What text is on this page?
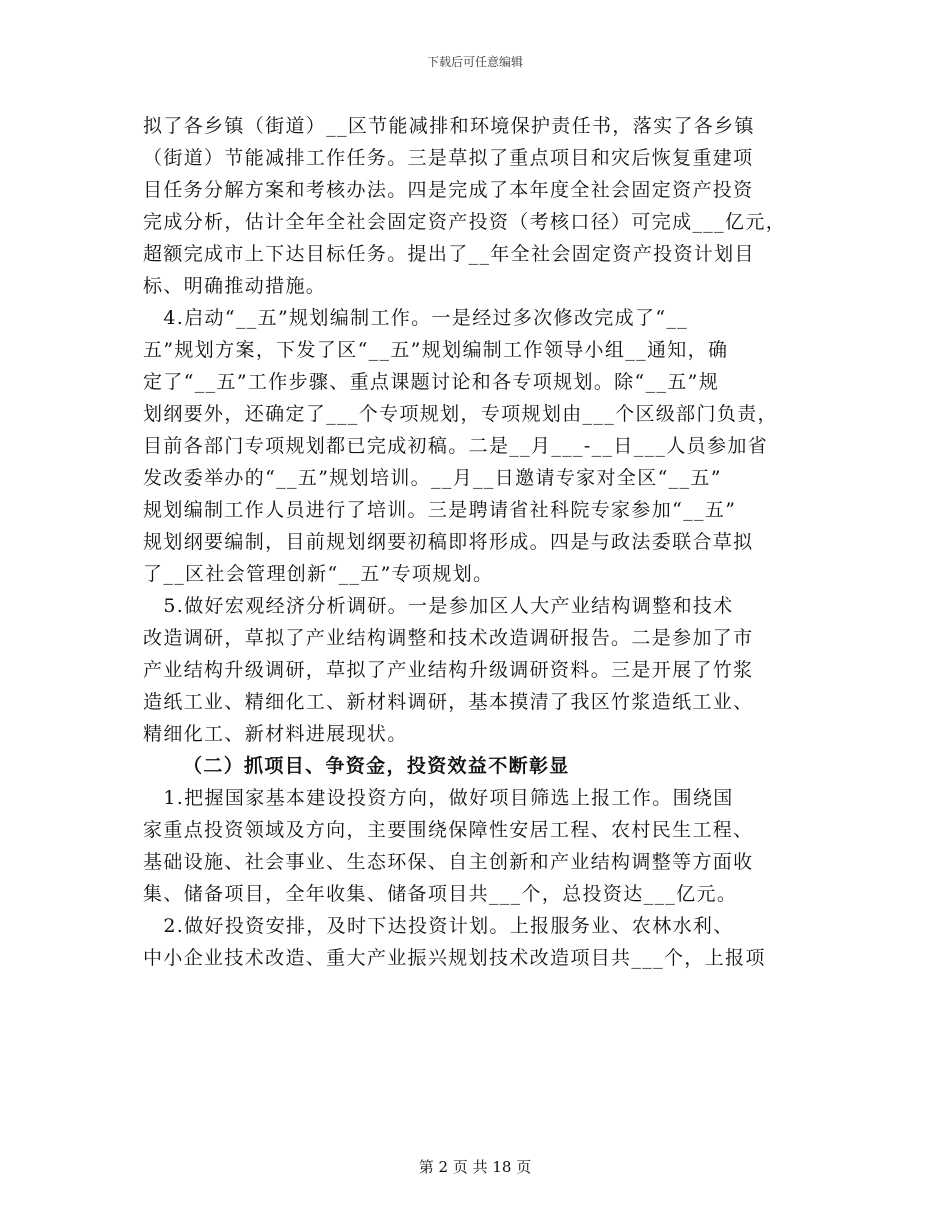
下载后可任意编辑
拟了各乡镇（街道）__区节能减排和环境保护责任书，落实了各乡镇
（街道）节能减排工作任务。三是草拟了重点项目和灾后恢复重建项
目任务分解方案和考核办法。四是完成了本年度全社会固定资产投资
完成分析，估计全年全社会固定资产投资（考核口径）可完成___亿元，
超额完成市上下达目标任务。提出了__年全社会固定资产投资计划目
标、明确推动措施。
　4.启动“__五”规划编制工作。一是经过多次修改完成了“__
五”规划方案，下发了区“__五”规划编制工作领导小组__通知，确
定了“__五”工作步骤、重点课题讨论和各专项规划。除“__五”规
划纲要外，还确定了___个专项规划，专项规划由___个区级部门负责，
目前各部门专项规划都已完成初稿。二是__月___-__日___人员参加省
发改委举办的“__五”规划培训。__月__日邀请专家对全区“__五”
规划编制工作人员进行了培训。三是聘请省社科院专家参加“__五”
规划纲要编制，目前规划纲要初稿即将形成。四是与政法委联合草拟
了__区社会管理创新“__五”专项规划。
　5.做好宏观经济分析调研。一是参加区人大产业结构调整和技术
改造调研，草拟了产业结构调整和技术改造调研报告。二是参加了市
产业结构升级调研，草拟了产业结构升级调研资料。三是开展了竹浆
造纸工业、精细化工、新材料调研，基本摸清了我区竹浆造纸工业、
精细化工、新材料进展现状。
（二）抓项目、争资金，投资效益不断彰显
　1.把握国家基本建设投资方向，做好项目筛选上报工作。围绕国
家重点投资领域及方向，主要围绕保障性安居工程、农村民生工程、
基础设施、社会事业、生态环保、自主创新和产业结构调整等方面收
集、储备项目，全年收集、储备项目共___个，总投资达___亿元。
　2.做好投资安排，及时下达投资计划。上报服务业、农林水利、
中小企业技术改造、重大产业振兴规划技术改造项目共___个，上报项
第 2 页 共 18 页
